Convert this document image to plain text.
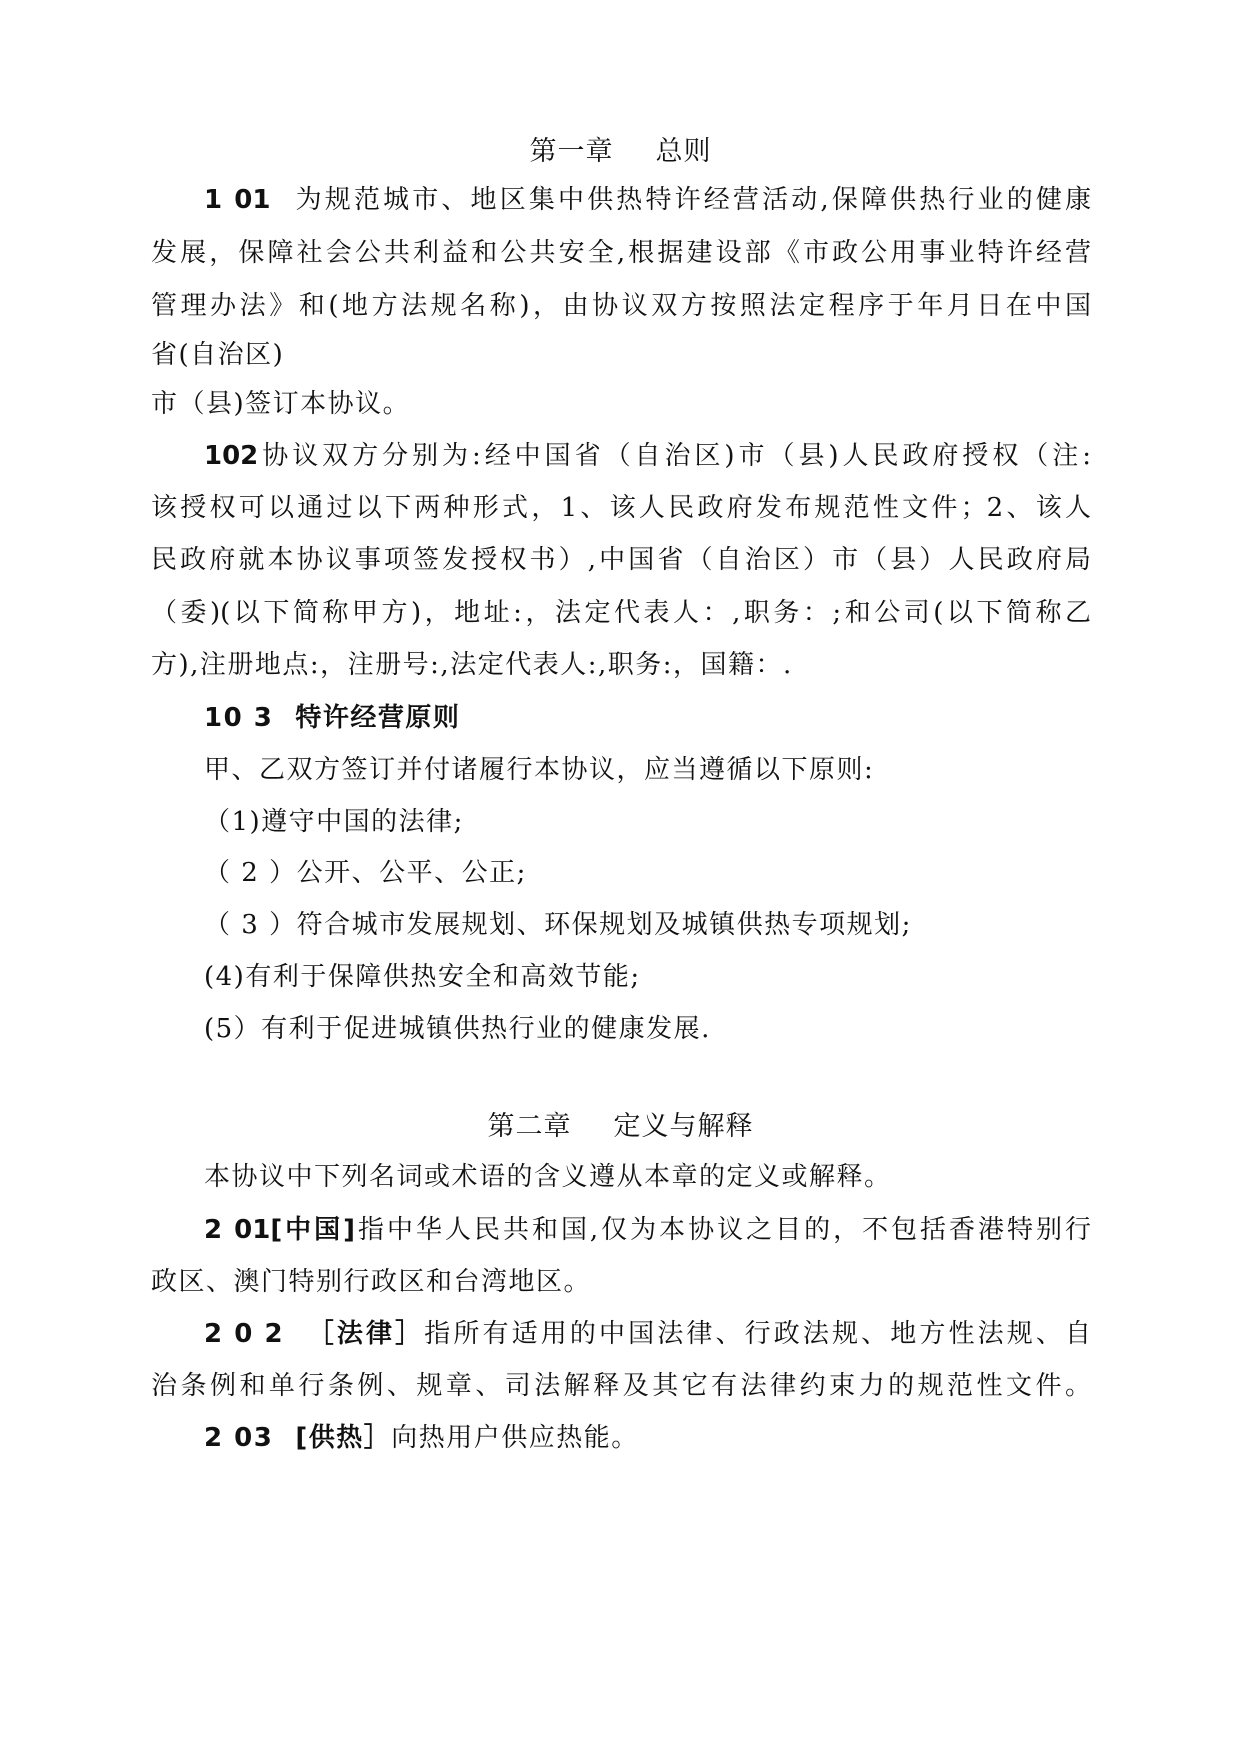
第一章 总则
1 01 为规范城市、地区集中供热特许经营活动,保障供热行业的健康
发展，保障社会公共利益和公共安全,根据建设部《市政公用事业特许经营
管理办法》和(地方法规名称)，由协议双方按照法定程序于年月日在中国
省(自治区)
市（县)签订本协议。
102协议双方分别为:经中国省（自治区)市（县)人民政府授权（注:
该授权可以通过以下两种形式，1、该人民政府发布规范性文件；2、该人
民政府就本协议事项签发授权书）,中国省（自治区）市（县）人民政府局
（委)(以下简称甲方)，地址:，法定代表人：,职务：;和公司(以下简称乙
方),注册地点:，注册号:,法定代表人:,职务:，国籍：.
10 3 特许经营原则
甲、乙双方签订并付诸履行本协议，应当遵循以下原则:
（1)遵守中国的法律;
（ 2 ）公开、公平、公正;
（ 3 ）符合城市发展规划、环保规划及城镇供热专项规划;
(4)有利于保障供热安全和高效节能;
(5）有利于促进城镇供热行业的健康发展.
第二章 定义与解释
本协议中下列名词或术语的含义遵从本章的定义或解释。
2 01[中国]指中华人民共和国,仅为本协议之目的，不包括香港特别行
政区、澳门特别行政区和台湾地区。
2 0 2 ［法律］指所有适用的中国法律、行政法规、地方性法规、自
治条例和单行条例、规章、司法解释及其它有法律约束力的规范性文件。
2 03 [供热］向热用户供应热能。
